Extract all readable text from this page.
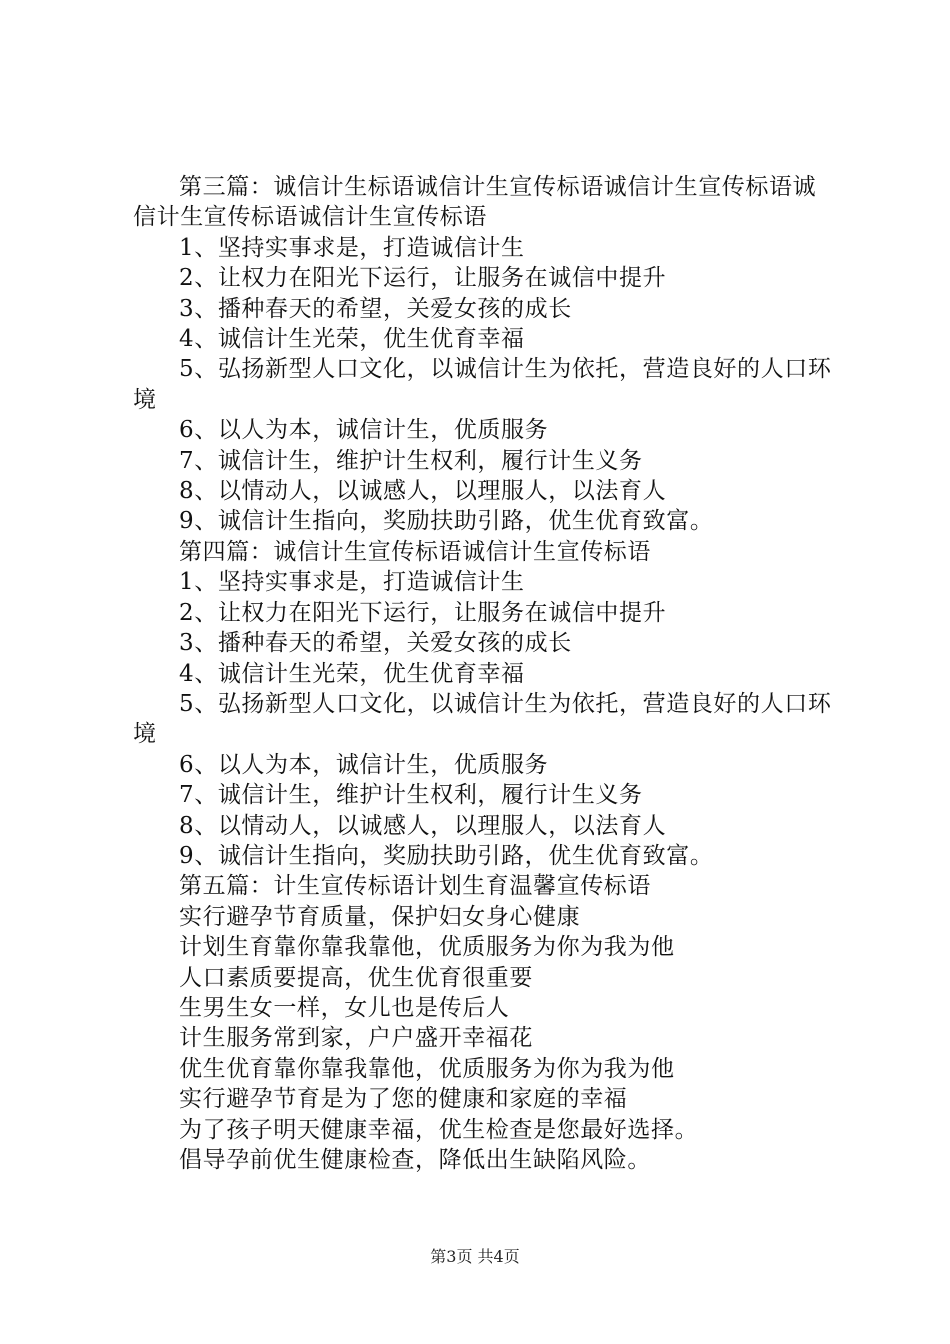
第三篇：诚信计生标语诚信计生宣传标语诚信计生宣传标语诚信计生宣传标语诚信计生宣传标语

1、坚持实事求是，打造诚信计生

2、让权力在阳光下运行，让服务在诚信中提升

3、播种春天的希望，关爱女孩的成长

4、诚信计生光荣，优生优育幸福

5、弘扬新型人口文化，以诚信计生为依托，营造良好的人口环境

6、以人为本，诚信计生，优质服务

7、诚信计生，维护计生权利，履行计生义务

8、以情动人，以诚感人，以理服人，以法育人

9、诚信计生指向，奖励扶助引路，优生优育致富。

第四篇：诚信计生宣传标语诚信计生宣传标语

1、坚持实事求是，打造诚信计生

2、让权力在阳光下运行，让服务在诚信中提升

3、播种春天的希望，关爱女孩的成长

4、诚信计生光荣，优生优育幸福

5、弘扬新型人口文化，以诚信计生为依托，营造良好的人口环境

6、以人为本，诚信计生，优质服务

7、诚信计生，维护计生权利，履行计生义务

8、以情动人，以诚感人，以理服人，以法育人

9、诚信计生指向，奖励扶助引路，优生优育致富。

第五篇：计生宣传标语计划生育温馨宣传标语

实行避孕节育质量，保护妇女身心健康

计划生育靠你靠我靠他，优质服务为你为我为他

人口素质要提高，优生优育很重要

生男生女一样，女儿也是传后人

计生服务常到家，户户盛开幸福花

优生优育靠你靠我靠他，优质服务为你为我为他

实行避孕节育是为了您的健康和家庭的幸福

为了孩子明天健康幸福，优生检查是您最好选择。

倡导孕前优生健康检查，降低出生缺陷风险。

第3页 共4页
